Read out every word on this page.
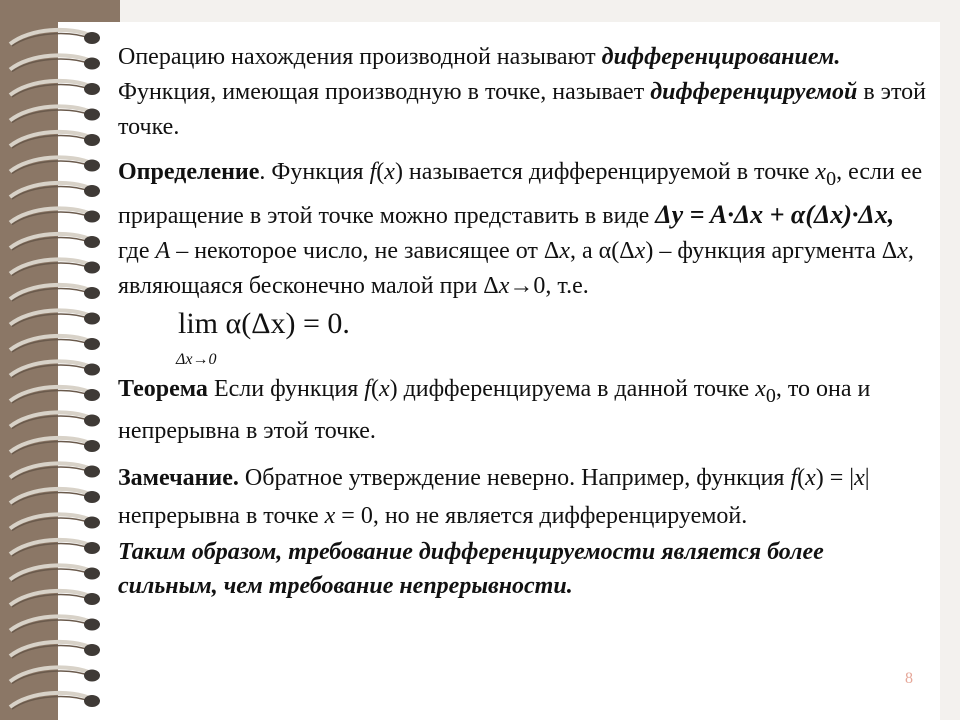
Операцию нахождения производной называют дифференцированием. Функция, имеющая производную в точке, называет дифференцируемой в этой точке.

Определение. Функция f(x) называется дифференцируемой в точке $x_0$, если ее приращение в этой точке можно представить в виде Δy = A·Δx + α(Δx)·Δx,

где A – некоторое число, не зависящее от Δx, а α(Δx) – функция аргумента Δx, являющаяся бесконечно малой при Δx→0, т.е.

lim α(Δx) = 0.
Δx→0

Теорема Если функция f(x) дифференцируема в данной точке $x_0$, то она и непрерывна в этой точке.

Замечание. Обратное утверждение неверно. Например, функция f(x) = |x| непрерывна в точке x = 0, но не является дифференцируемой.

Таким образом, требование дифференцируемости является более сильным, чем требование непрерывности.

8
